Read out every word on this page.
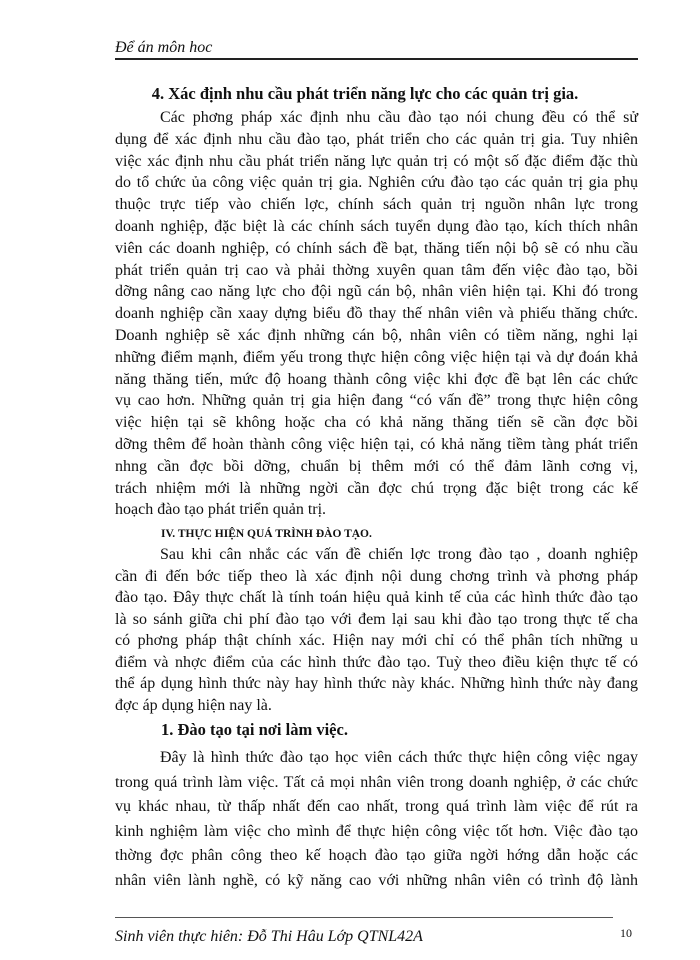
Để án môn hoc
4. Xác định nhu cầu phát triển năng lực cho các quản trị gia.
Các phơng pháp xác định nhu cầu đào tạo nói chung đều có thể sử
dụng để xác định nhu cầu đào tạo, phát triển cho các quản trị gia. Tuy nhiên
việc xác định nhu cầu phát triển năng lực quản trị có một số đặc điểm đặc thù
do tổ chức ủa công việc quản trị gia. Nghiên cứu đào tạo các quản trị gia phụ
thuộc trực tiếp vào chiến lợc, chính sách quản trị nguồn nhân lực trong
doanh nghiệp, đặc biệt là các chính sách tuyển dụng đào tạo, kích thích nhân
viên các doanh nghiệp, có chính sách đề bạt, thăng tiến nội bộ sẽ có nhu cầu
phát triển quản trị cao và phải thờng xuyên quan tâm đến việc đào tạo, bồi
dỡng nâng cao năng lực cho đội ngũ cán bộ, nhân viên hiện tại. Khi đó trong
doanh nghiệp cần xaay dựng biểu đồ thay thế nhân viên và phiếu thăng chức.
Doanh nghiệp sẽ xác định những cán bộ, nhân viên có tiềm năng, nghi lại
những điểm mạnh, điểm yếu trong thực hiện công việc hiện tại và dự đoán khả
năng thăng tiến, mức độ hoang thành công việc khi đợc đề bạt lên các chức
vụ cao hơn. Những quản trị gia hiện đang “có vấn đề” trong thực hiện công
việc hiện tại sẽ không hoặc cha có khả năng thăng tiến sẽ cần đợc bồi
dỡng thêm để hoàn thành công việc hiện tại, có khả năng tiềm tàng phát triển
nhng cần đợc bồi dỡng, chuẩn bị thêm mới có thể đảm lãnh cơng vị,
trách nhiệm mới là những ngời cần đợc chú trọng đặc biệt trong các kế
hoạch đào tạo phát triển quản trị.
IV. THỰC HIỆN QUÁ TRÌNH ĐÀO TẠO.
Sau khi cân nhắc các vấn đề chiến lợc trong đào tạo , doanh nghiệp
cần đi đến bớc tiếp theo là xác định nội dung chơng trình và phơng pháp
đào tạo. Đây thực chất là tính toán hiệu quả kinh tế của các hình thức đào tạo
là so sánh giữa chi phí đào tạo với đem lại sau khi đào tạo trong thực tế cha
có phơng pháp thật chính xác. Hiện nay mới chỉ có thể phân tích những u
điểm và nhợc điểm của các hình thức đào tạo. Tuỳ theo điều kiện thực tế có
thể áp dụng hình thức này hay hình thức này khác. Những hình thức này đang
đợc áp dụng hiện nay là.
1. Đào tạo tại nơi làm việc.
Đây là hình thức đào tạo học viên cách thức thực hiện công việc ngay
trong quá trình làm việc. Tất cả mọi nhân viên trong doanh nghiệp, ở các chức
vụ khác nhau, từ thấp nhất đến cao nhất, trong quá trình làm việc để rút ra
kinh nghiệm làm việc cho mình để thực hiện công việc tốt hơn. Việc đào tạo
thờng đợc phân công theo kế hoạch đào tạo giữa ngời hớng dẫn hoặc các
nhân viên lành nghề, có kỹ năng cao với những nhân viên có trình độ lành
Sinh viên thực hiên: Đỗ Thi Hâu Lớp QTNL42A	10
